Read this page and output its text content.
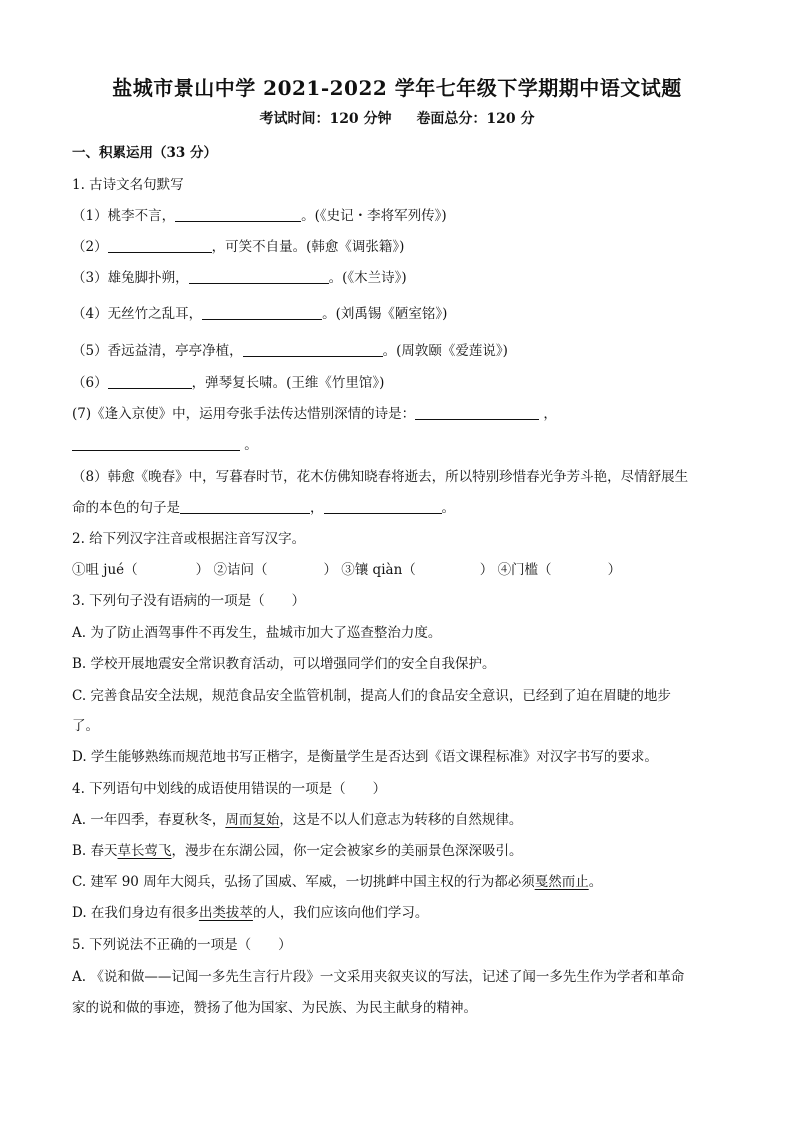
盐城市景山中学 2021-2022 学年七年级下学期期中语文试题
考试时间：120 分钟 卷面总分：120 分
一、积累运用（33 分）
1. 古诗文名句默写
（1）桃李不言，	。(《史记・李将军列传》)
（2）	，可笑不自量。(韩愈《调张籍》)
（3）雄兔脚扑朔，	。(《木兰诗》)
（4）无丝竹之乱耳，	。(刘禹锡《陋室铭》)
（5）香远益清，亭亭净植，	。(周敦颐《爱莲说》)
（6）	，弹琴复长啸。(王维《竹里馆》)
(7)《逢入京使》中，运用夸张手法传达惜别深情的诗是：	，
。
（8）韩愈《晚春》中，写暮春时节，花木仿佛知晓春将逝去，所以特别珍惜春光争芳斗艳，尽情舒展生
命的本色的句子是	，	。
2. 给下列汉字注音或根据注音写汉字。
①咀 jué（	） ②诘问（	） ③镶 qiàn（	） ④门槛（	）
3. 下列句子没有语病的一项是（　　）
A. 为了防止酒驾事件不再发生，盐城市加大了巡查整治力度。
B. 学校开展地震安全常识教育活动，可以增强同学们的安全自我保护。
C. 完善食品安全法规，规范食品安全监管机制，提高人们的食品安全意识，已经到了迫在眉睫的地步
了。
D. 学生能够熟练而规范地书写正楷字，是衡量学生是否达到《语文课程标准》对汉字书写的要求。
4. 下列语句中划线的成语使用错误的一项是（　　）
A. 一年四季，春夏秋冬，周而复始，这是不以人们意志为转移的自然规律。
B. 春天草长莺飞，漫步在东湖公园，你一定会被家乡的美丽景色深深吸引。
C. 建军 90 周年大阅兵，弘扬了国威、军威，一切挑衅中国主权的行为都必须戛然而止。
D. 在我们身边有很多出类拔萃的人，我们应该向他们学习。
5. 下列说法不正确的一项是（　　）
A. 《说和做——记闻一多先生言行片段》一文采用夹叙夹议的写法，记述了闻一多先生作为学者和革命
家的说和做的事迹，赞扬了他为国家、为民族、为民主献身的精神。
